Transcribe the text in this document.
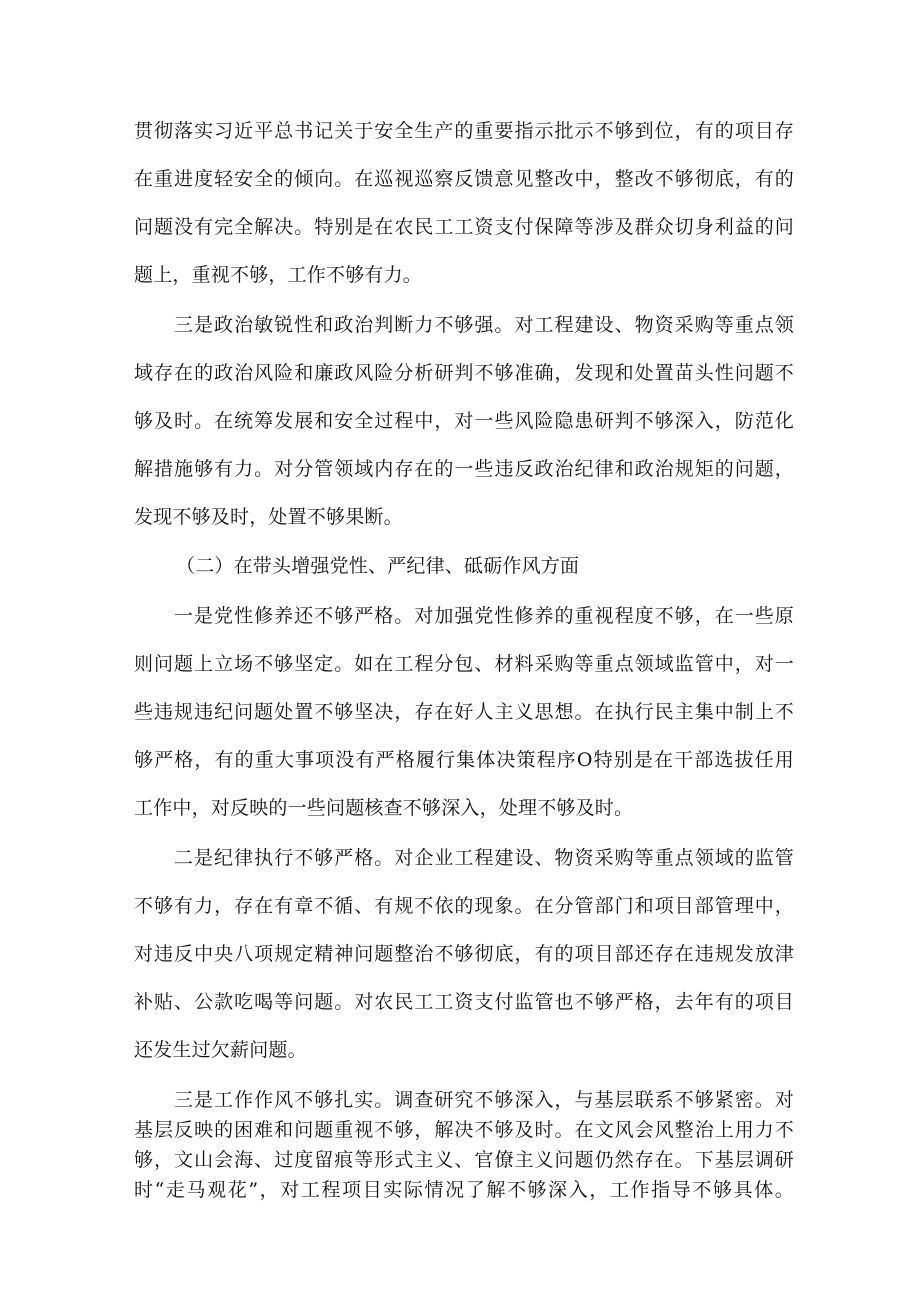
贯彻落实习近平总书记关于安全生产的重要指示批示不够到位，有的项目存
在重进度轻安全的倾向。在巡视巡察反馈意见整改中，整改不够彻底，有的
问题没有完全解决。特别是在农民工工资支付保障等涉及群众切身利益的问
题上，重视不够，工作不够有力。
三是政治敏锐性和政治判断力不够强。对工程建设、物资采购等重点领
域存在的政治风险和廉政风险分析研判不够准确，发现和处置苗头性问题不
够及时。在统筹发展和安全过程中，对一些风险隐患研判不够深入，防范化
解措施够有力。对分管领域内存在的一些违反政治纪律和政治规矩的问题，
发现不够及时，处置不够果断。
（二）在带头增强党性、严纪律、砥砺作风方面
一是党性修养还不够严格。对加强党性修养的重视程度不够，在一些原
则问题上立场不够坚定。如在工程分包、材料采购等重点领域监管中，对一
些违规违纪问题处置不够坚决，存在好人主义思想。在执行民主集中制上不
够严格，有的重大事项没有严格履行集体决策程序O特别是在干部选拔任用
工作中，对反映的一些问题核查不够深入，处理不够及时。
二是纪律执行不够严格。对企业工程建设、物资采购等重点领域的监管
不够有力，存在有章不循、有规不依的现象。在分管部门和项目部管理中，
对违反中央八项规定精神问题整治不够彻底，有的项目部还存在违规发放津
补贴、公款吃喝等问题。对农民工工资支付监管也不够严格，去年有的项目
还发生过欠薪问题。
三是工作作风不够扎实。调查研究不够深入，与基层联系不够紧密。对
基层反映的困难和问题重视不够，解决不够及时。在文风会风整治上用力不
够，文山会海、过度留痕等形式主义、官僚主义问题仍然存在。下基层调研
时“走马观花”，对工程项目实际情况了解不够深入，工作指导不够具体。
